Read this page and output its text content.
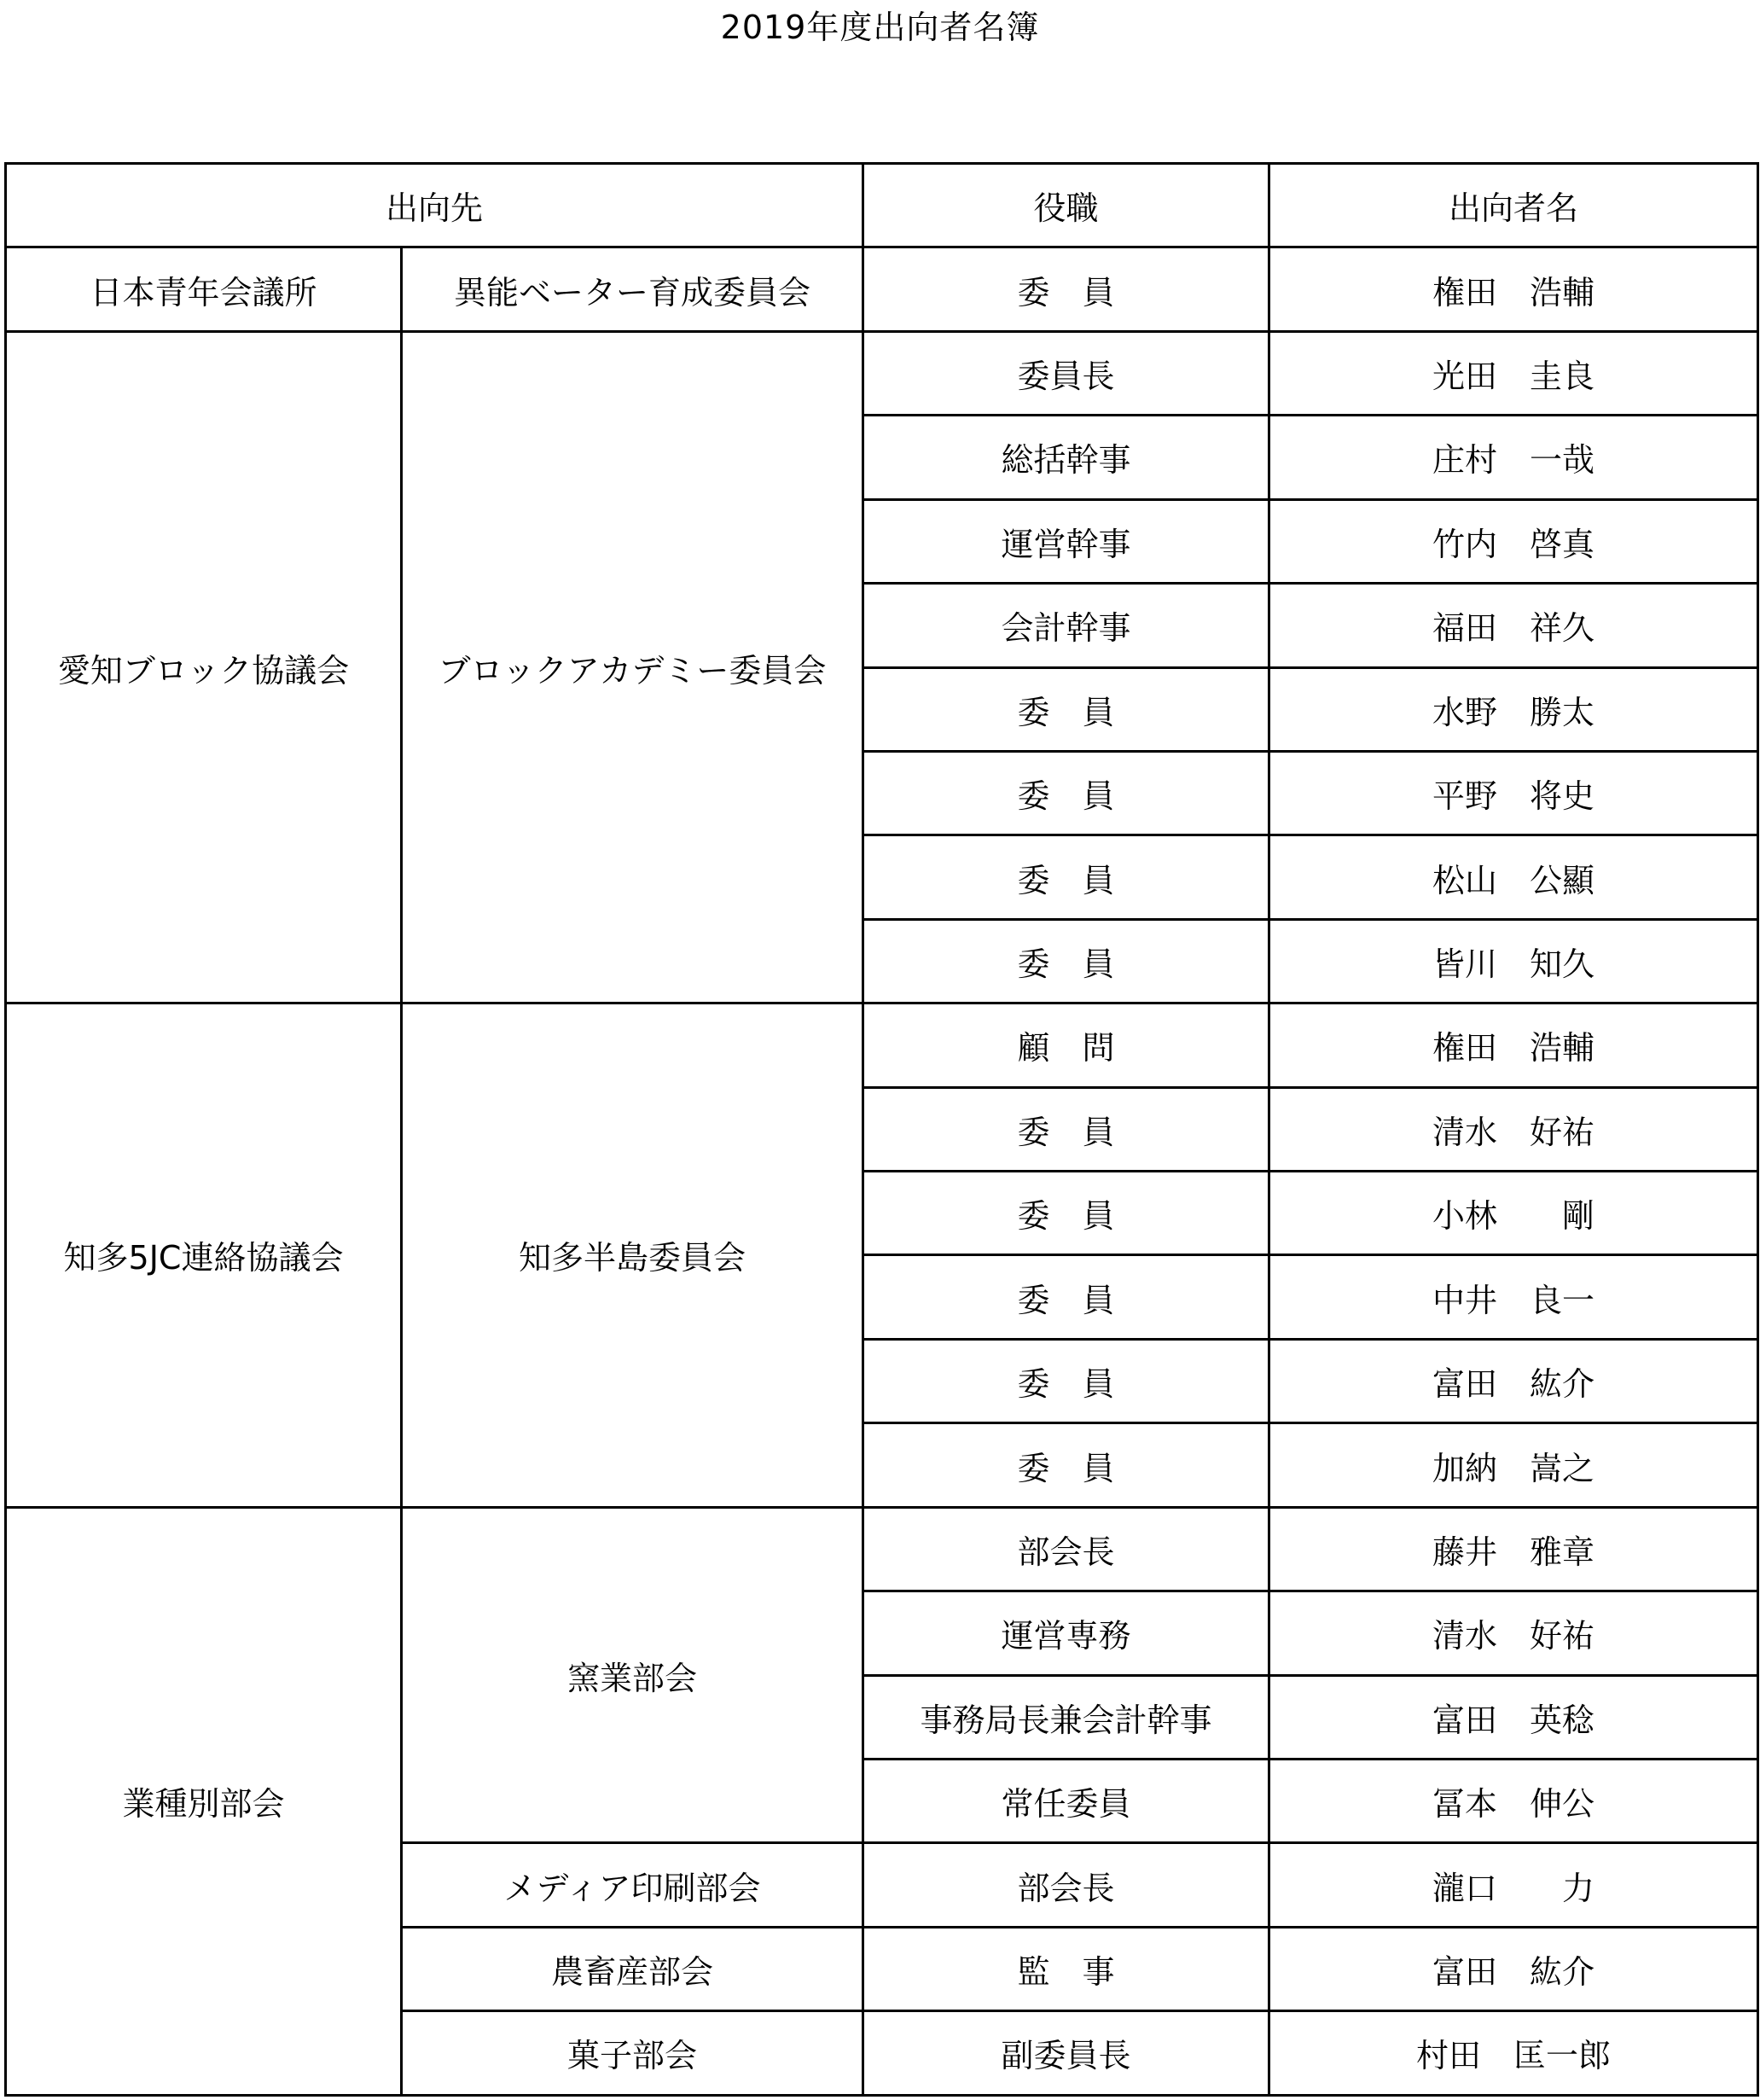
2019年度出向者名簿
出向先		役職	出向者名
日本青年会議所	異能ベーター育成委員会	委　員	権田　浩輔
愛知ブロック協議会	ブロックアカデミー委員会	委員長	光田　圭良
		総括幹事	庄村　一哉
		運営幹事	竹内　啓真
		会計幹事	福田　祥久
		委　員	水野　勝太
		委　員	平野　将史
		委　員	松山　公顯
		委　員	皆川　知久
知多5JC連絡協議会	知多半島委員会	顧　問	権田　浩輔
		委　員	清水　好祐
		委　員	小林　　剛
		委　員	中井　良一
		委　員	富田　紘介
		委　員	加納　嵩之
業種別部会	窯業部会	部会長	藤井　雅章
		運営専務	清水　好祐
		事務局長兼会計幹事	富田　英稔
		常任委員	冨本　伸公
	メディア印刷部会	部会長	瀧口　　力
	農畜産部会	監　事	富田　紘介
	菓子部会	副委員長	村田　匡一郎
